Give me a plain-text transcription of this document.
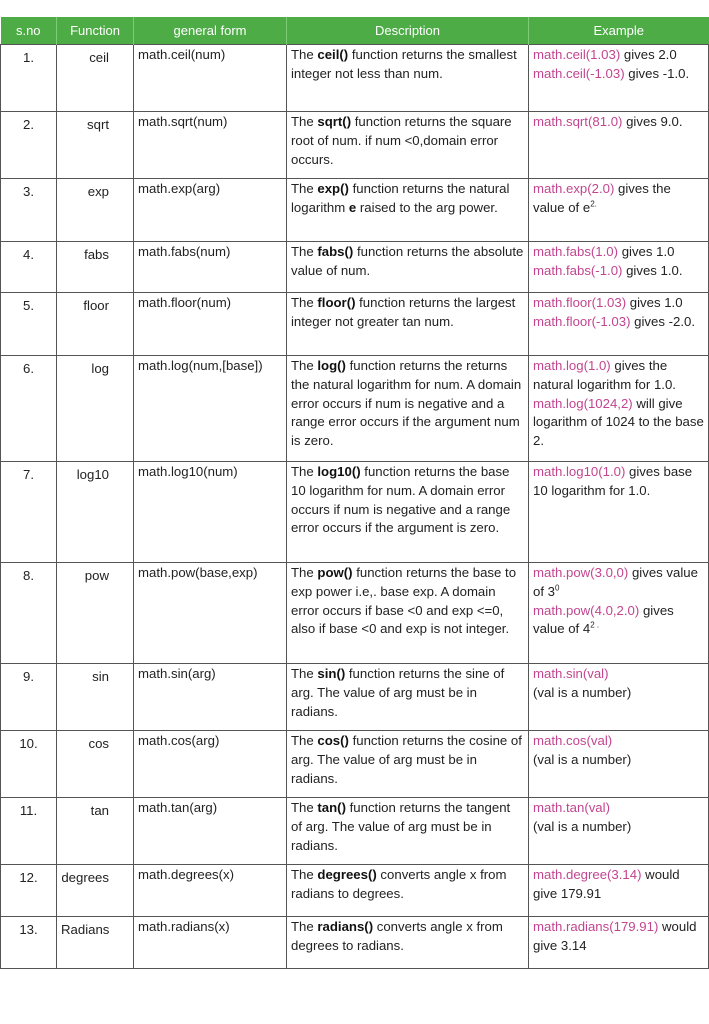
s.no	Function	general form	Description	Example
1.	ceil	math.ceil(num)	The ceil() function returns the smallest integer not less than num.	math.ceil(1.03) gives 2.0
math.ceil(-1.03) gives -1.0.

2.	sqrt	math.sqrt(num)	The sqrt() function returns the square root of num. if num <0,domain error occurs.	math.sqrt(81.0) gives 9.0.

3.	exp	math.exp(arg)	The exp() function returns the natural logarithm e raised to the arg power.	math.exp(2.0) gives the value of $e^{2.}$

4.	fabs	math.fabs(num)	The fabs() function returns the absolute value of num.	math.fabs(1.0) gives 1.0
math.fabs(-1.0) gives 1.0.

5.	floor	math.floor(num)	The floor() function returns the largest integer not greater tan num.	math.floor(1.03) gives 1.0
math.floor(-1.03) gives -2.0.

6.	log	math.log(num,[base])	The log() function returns the returns the natural logarithm for num. A domain error occurs if num is negative and a range error occurs if the argument num is zero.	math.log(1.0) gives the natural logarithm for 1.0.
math.log(1024,2) will give logarithm of 1024 to the base 2.

7.	log10	math.log10(num)	The log10() function returns the base 10 logarithm for num. A domain error occurs if num is negative and a range error occurs if the argument is zero.	math.log10(1.0) gives base 10 logarithm for 1.0.

8.	pow	math.pow(base,exp)	The pow() function returns the base to exp power i.e,. base exp. A domain error occurs if base <0 and exp <=0, also if base <0 and exp is not integer.	math.pow(3.0,0) gives value of $3^0$
math.pow(4.0,2.0) gives value of $4^{2 .}$

9.	sin	math.sin(arg)	The sin() function returns the sine of arg. The value of arg must be in radians.	math.sin(val)
(val is a number)

10.	cos	math.cos(arg)	The cos() function returns the cosine of arg. The value of arg must be in radians.	math.cos(val)
(val is a number)

11.	tan	math.tan(arg)	The tan() function returns the tangent of arg. The value of arg must be in radians.	math.tan(val)
(val is a number)

12.	degrees	math.degrees(x)	The degrees() converts angle x from radians to degrees.	math.degree(3.14) would give 179.91

13.	Radians	math.radians(x)	The radians() converts angle x from degrees to radians.	math.radians(179.91) would give 3.14
